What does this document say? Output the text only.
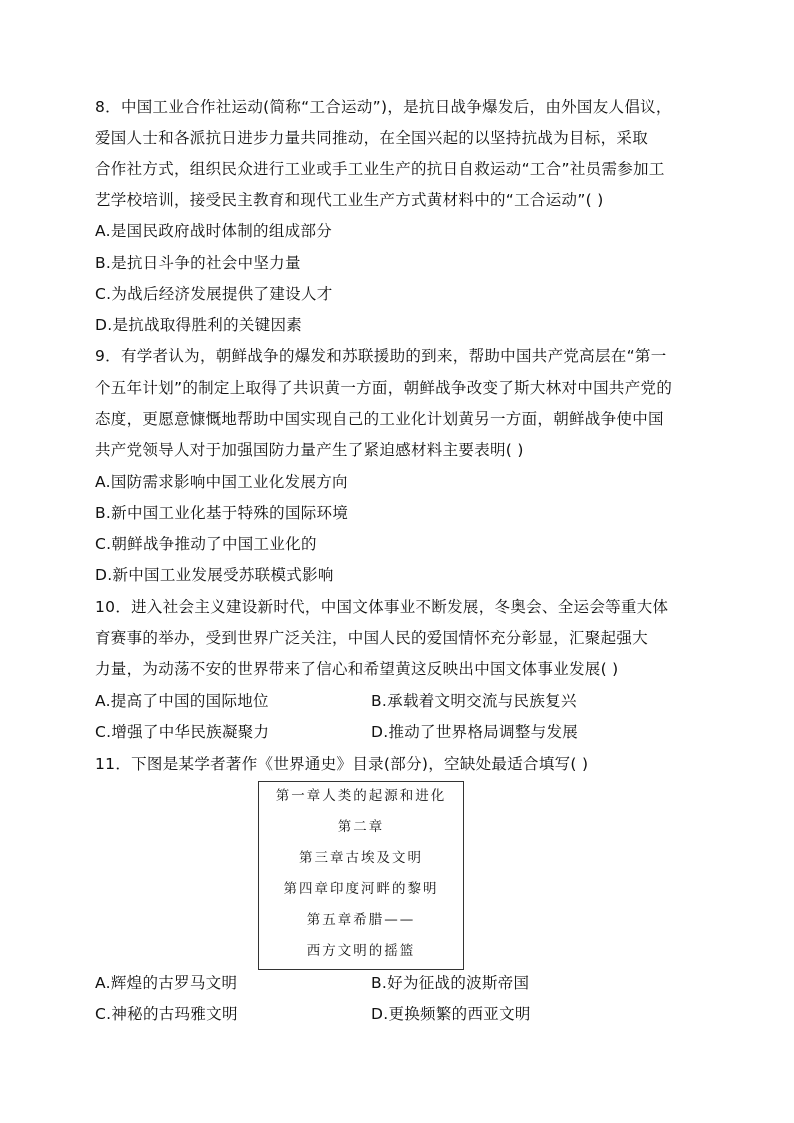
8．中国工业合作社运动(简称“工合运动”)，是抗日战争爆发后，由外国友人倡议，
爱国人士和各派抗日进步力量共同推动，在全国兴起的以坚持抗战为目标，采取
合作社方式，组织民众进行工业或手工业生产的抗日自救运动“工合”社员需参加工
艺学校培训，接受民主教育和现代工业生产方式黄材料中的“工合运动”( )
A.是国民政府战时体制的组成部分
B.是抗日斗争的社会中坚力量
C.为战后经济发展提供了建设人才
D.是抗战取得胜利的关键因素
9．有学者认为，朝鲜战争的爆发和苏联援助的到来，帮助中国共产党高层在“第一
个五年计划”的制定上取得了共识黄一方面，朝鲜战争改变了斯大林对中国共产党的
态度，更愿意慷慨地帮助中国实现自己的工业化计划黄另一方面，朝鲜战争使中国
共产党领导人对于加强国防力量产生了紧迫感材料主要表明( )
A.国防需求影响中国工业化发展方向
B.新中国工业化基于特殊的国际环境
C.朝鲜战争推动了中国工业化的
D.新中国工业发展受苏联模式影响
10．进入社会主义建设新时代，中国文体事业不断发展，冬奥会、全运会等重大体
育赛事的举办，受到世界广泛关注，中国人民的爱国情怀充分彰显，汇聚起强大
力量，为动荡不安的世界带来了信心和希望黄这反映出中国文体事业发展( )
A.提高了中国的国际地位	B.承载着文明交流与民族复兴
C.增强了中华民族凝聚力	D.推动了世界格局调整与发展
11．下图是某学者著作《世界通史》目录(部分)，空缺处最适合填写( )
第一章人类的起源和进化
第二章
第三章古埃及文明
第四章印度河畔的黎明
第五章希腊——
西方文明的摇篮
A.辉煌的古罗马文明	B.好为征战的波斯帝国
C.神秘的古玛雅文明	D.更换频繁的西亚文明
